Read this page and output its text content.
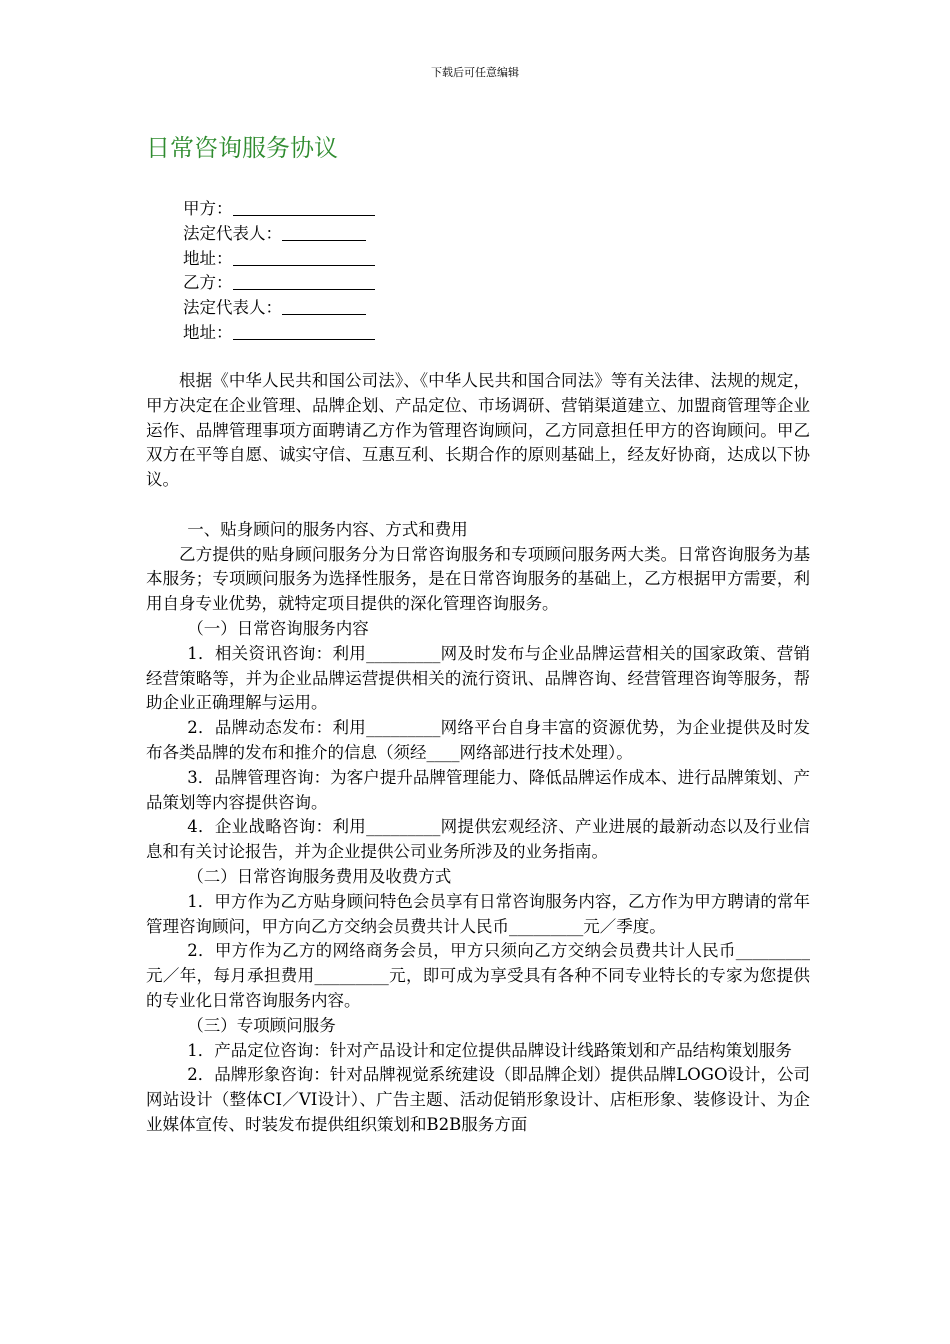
下载后可任意编辑
日常咨询服务协议
甲方：
法定代表人：
地址：
乙方：
法定代表人：
地址：

根据《中华人民共和国公司法》、《中华人民共和国合同法》等有关法律、法规的规定，甲方决定在企业管理、品牌企划、产品定位、市场调研、营销渠道建立、加盟商管理等企业运作、品牌管理事项方面聘请乙方作为管理咨询顾问，乙方同意担任甲方的咨询顾问。甲乙双方在平等自愿、诚实守信、互惠互利、长期合作的原则基础上，经友好协商，达成以下协议。

一、贴身顾问的服务内容、方式和费用

乙方提供的贴身顾问服务分为日常咨询服务和专项顾问服务两大类。日常咨询服务为基本服务；专项顾问服务为选择性服务，是在日常咨询服务的基础上，乙方根据甲方需要，利用自身专业优势，就特定项目提供的深化管理咨询服务。

（一）日常咨询服务内容

1．相关资讯咨询：利用_________网及时发布与企业品牌运营相关的国家政策、营销经营策略等，并为企业品牌运营提供相关的流行资讯、品牌咨询、经营管理咨询等服务，帮助企业正确理解与运用。

2．品牌动态发布：利用_________网络平台自身丰富的资源优势，为企业提供及时发布各类品牌的发布和推介的信息（须经____网络部进行技术处理）。

3．品牌管理咨询：为客户提升品牌管理能力、降低品牌运作成本、进行品牌策划、产品策划等内容提供咨询。

4．企业战略咨询：利用_________网提供宏观经济、产业进展的最新动态以及行业信息和有关讨论报告，并为企业提供公司业务所涉及的业务指南。

（二）日常咨询服务费用及收费方式

1．甲方作为乙方贴身顾问特色会员享有日常咨询服务内容，乙方作为甲方聘请的常年管理咨询顾问，甲方向乙方交纳会员费共计人民币_________元／季度。

2．甲方作为乙方的网络商务会员，甲方只须向乙方交纳会员费共计人民币_________元／年，每月承担费用_________元，即可成为享受具有各种不同专业特长的专家为您提供的专业化日常咨询服务内容。

（三）专项顾问服务

1．产品定位咨询：针对产品设计和定位提供品牌设计线路策划和产品结构策划服务

2．品牌形象咨询：针对品牌视觉系统建设（即品牌企划）提供品牌LOGO设计，公司网站设计（整体CI／VI设计）、广告主题、活动促销形象设计、店柜形象、装修设计、为企业媒体宣传、时装发布提供组织策划和B2B服务方面
